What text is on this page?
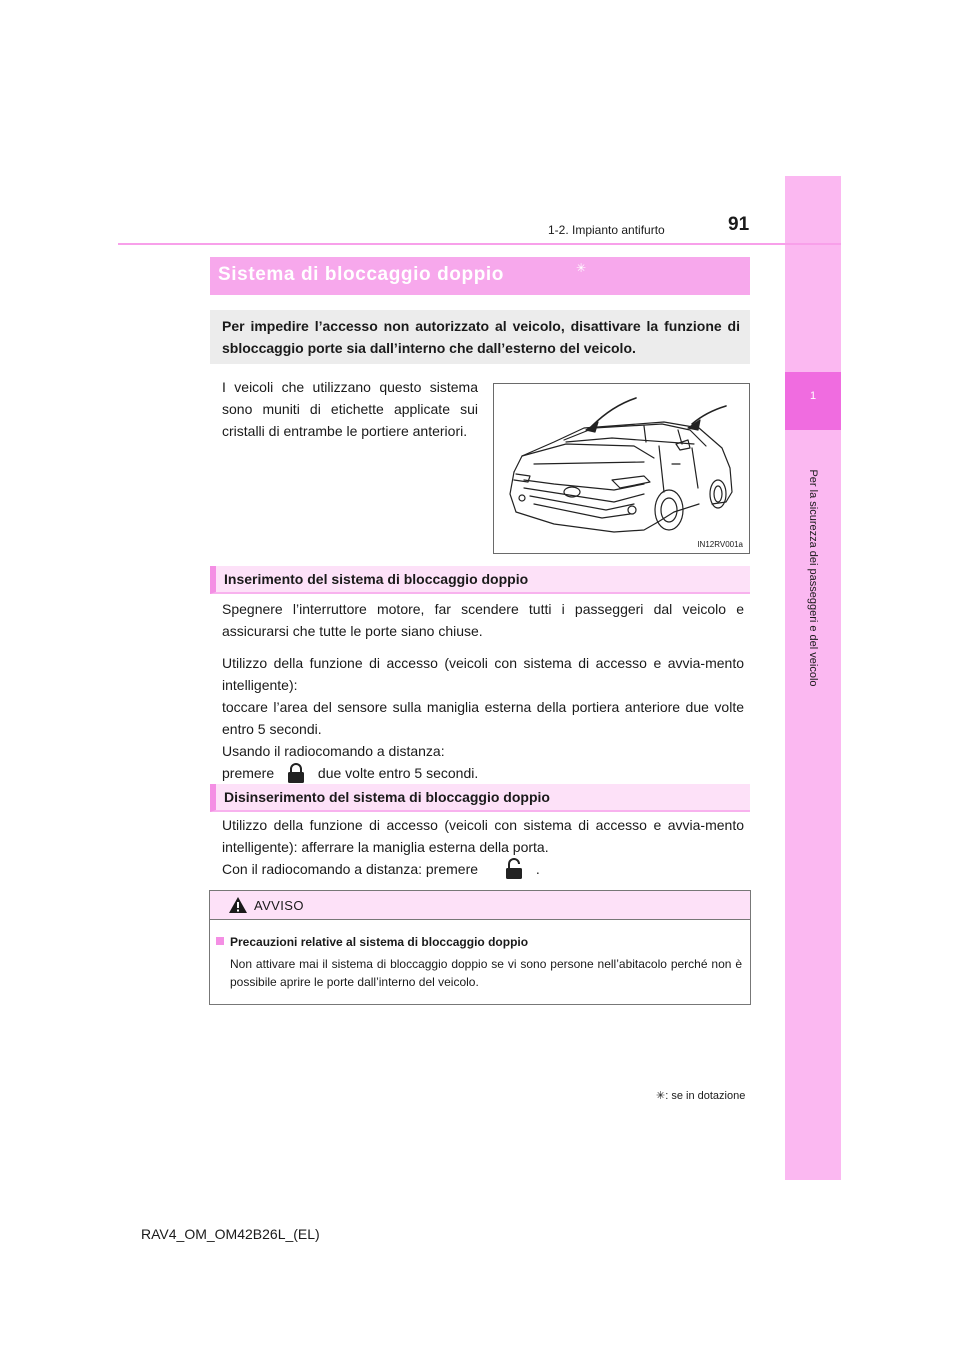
1
Per la sicurezza dei passeggeri e del veicolo
91
1-2. Impianto antifurto
Sistema di bloccaggio doppio	✳
Per impedire l’accesso non autorizzato al veicolo, disattivare la funzione di sbloccaggio porte sia dall’interno che dall’esterno del veicolo.
I veicoli che utilizzano questo sistema sono muniti di etichette applicate sui cristalli di entrambe le portiere anteriori.
IN12RV001a
Inserimento del sistema di bloccaggio doppio
Spegnere l’interruttore motore, far scendere tutti i passeggeri dal veicolo e assicurarsi che tutte le porte siano chiuse.
Utilizzo della funzione di accesso (veicoli con sistema di accesso e avvia-mento intelligente):
toccare l’area del sensore sulla maniglia esterna della portiera anteriore due volte entro 5 secondi.
Usando il radiocomando a distanza:
premere	due volte entro 5 secondi.
Disinserimento del sistema di bloccaggio doppio
Utilizzo della funzione di accesso (veicoli con sistema di accesso e avvia-mento intelligente): afferrare la maniglia esterna della porta.
Con il radiocomando a distanza: premere	.
AVVISO
Precauzioni relative al sistema di bloccaggio doppio
Non attivare mai il sistema di bloccaggio doppio se vi sono persone nell’abitacolo perché non è possibile aprire le porte dall’interno del veicolo.
✳: se in dotazione
RAV4_OM_OM42B26L_(EL)
